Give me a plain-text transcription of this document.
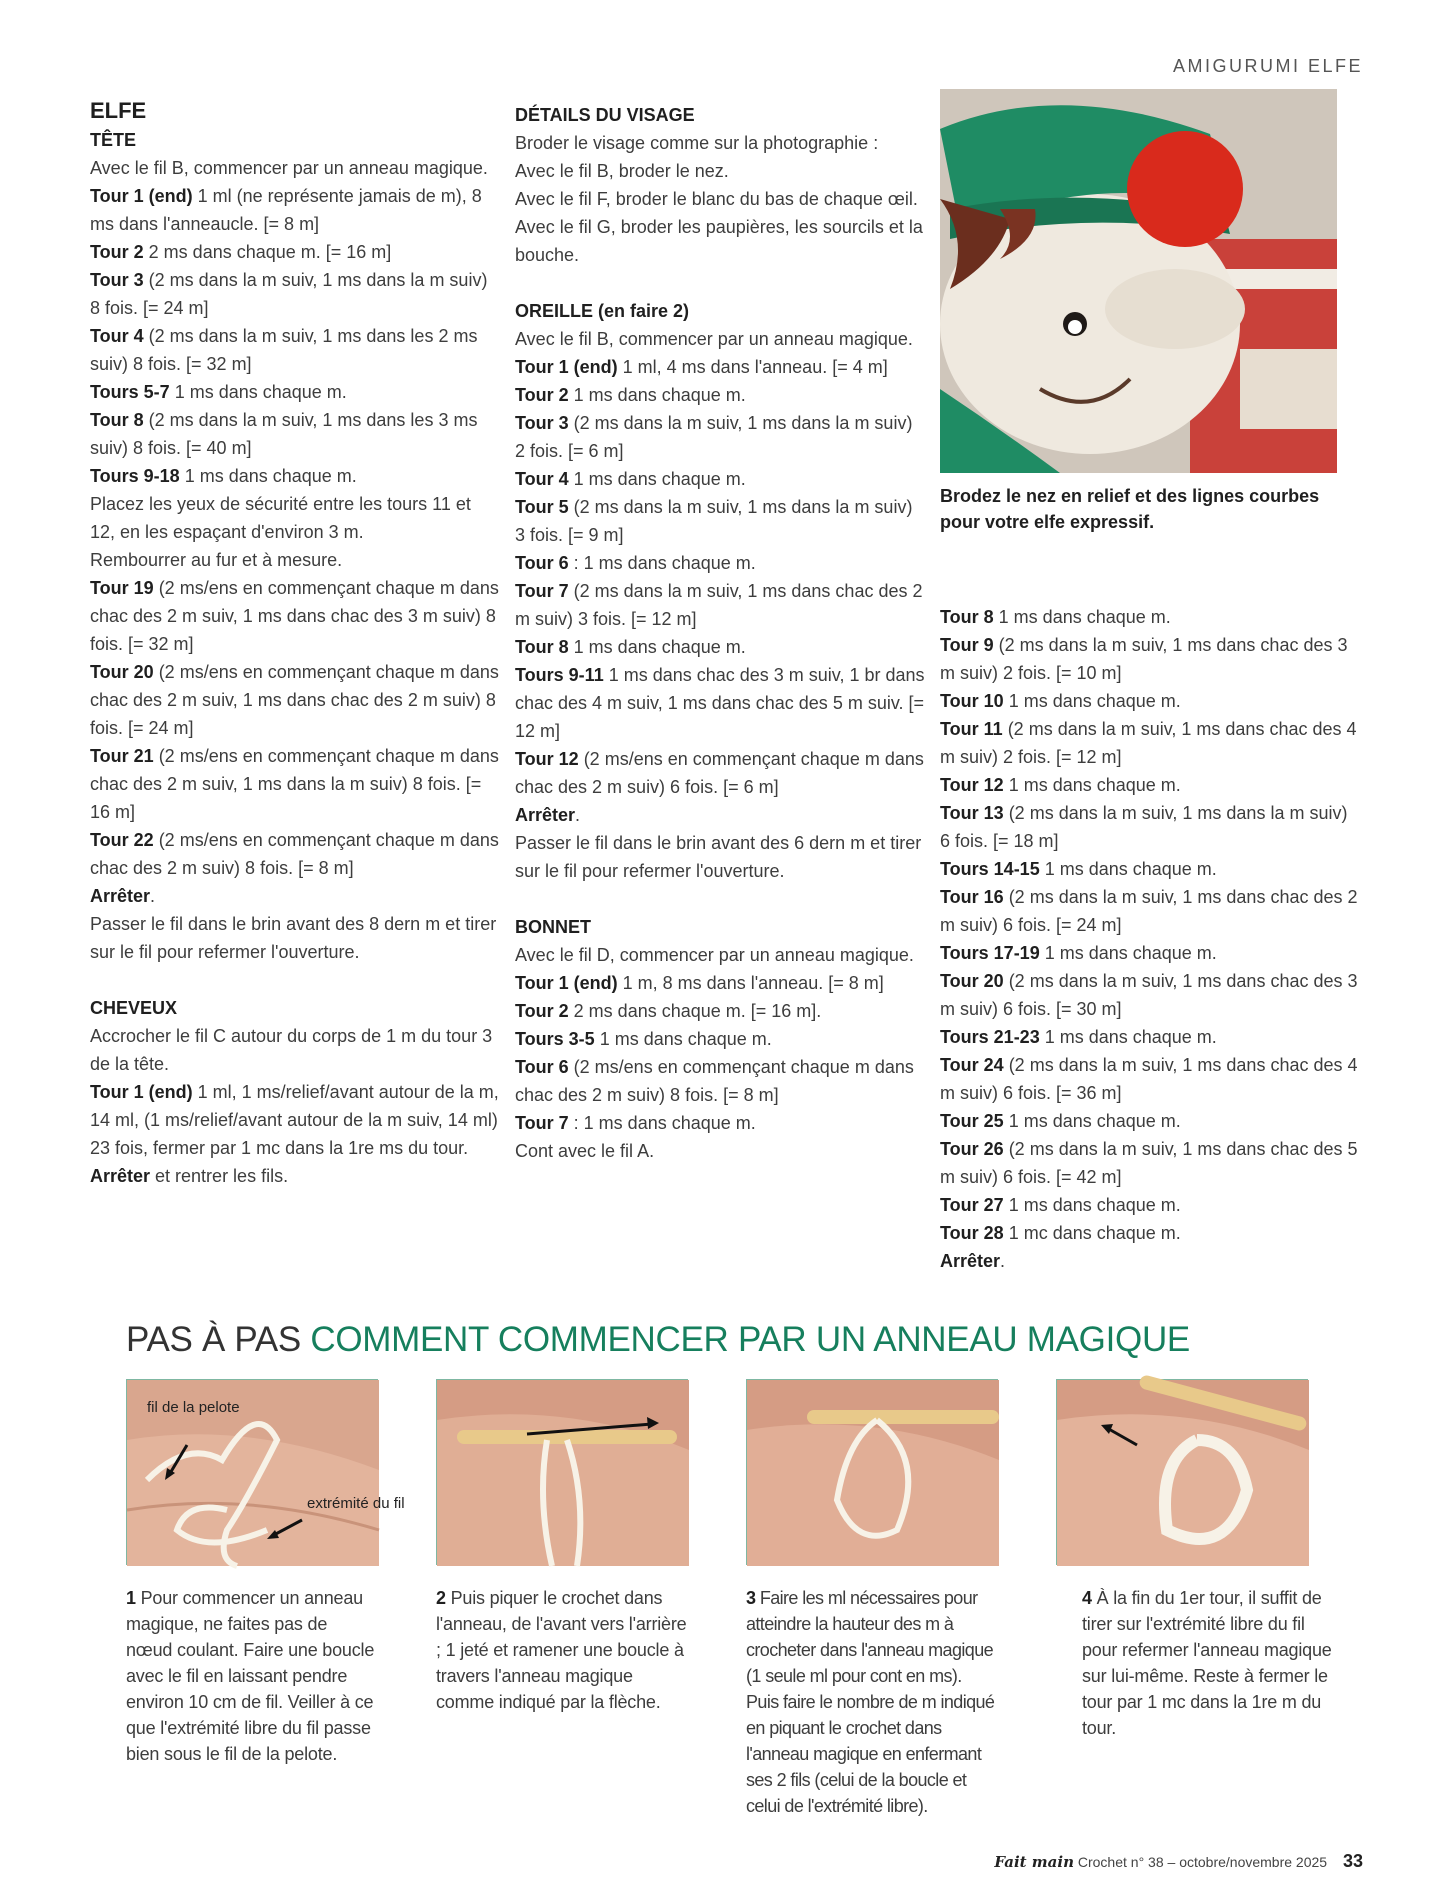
AMIGURUMI ELFE
ELFE
TÊTE
Avec le fil B, commencer par un anneau magique.
Tour 1 (end) 1 ml (ne représente jamais de m), 8 ms dans l'anneaucle. [= 8 m]
Tour 2 2 ms dans chaque m. [= 16 m]
Tour 3 (2 ms dans la m suiv, 1 ms dans la m suiv) 8 fois. [= 24 m]
Tour 4 (2 ms dans la m suiv, 1 ms dans les 2 ms suiv) 8 fois. [= 32 m]
Tours 5-7 1 ms dans chaque m.
Tour 8 (2 ms dans la m suiv, 1 ms dans les 3 ms suiv) 8 fois. [= 40 m]
Tours 9-18 1 ms dans chaque m.
Placez les yeux de sécurité entre les tours 11 et 12, en les espaçant d'environ 3 m.
Rembourrer au fur et à mesure.
Tour 19 (2 ms/ens en commençant chaque m dans chac des 2 m suiv, 1 ms dans chac des 3 m suiv) 8 fois. [= 32 m]
Tour 20 (2 ms/ens en commençant chaque m dans chac des 2 m suiv, 1 ms dans chac des 2 m suiv) 8 fois. [= 24 m]
Tour 21 (2 ms/ens en commençant chaque m dans chac des 2 m suiv, 1 ms dans la m suiv) 8 fois. [= 16 m]
Tour 22 (2 ms/ens en commençant chaque m dans chac des 2 m suiv) 8 fois. [= 8 m]
Arrêter.
Passer le fil dans le brin avant des 8 dern m et tirer sur le fil pour refermer l'ouverture.
CHEVEUX
Accrocher le fil C autour du corps de 1 m du tour 3 de la tête.
Tour 1 (end) 1 ml, 1 ms/relief/avant autour de la m, 14 ml, (1 ms/relief/avant autour de la m suiv, 14 ml) 23 fois, fermer par 1 mc dans la 1re ms du tour.
Arrêter et rentrer les fils.
DÉTAILS DU VISAGE
Broder le visage comme sur la photographie :
Avec le fil B, broder le nez.
Avec le fil F, broder le blanc du bas de chaque œil.
Avec le fil G, broder les paupières, les sourcils et la bouche.
OREILLE (en faire 2)
Avec le fil B, commencer par un anneau magique.
Tour 1 (end) 1 ml, 4 ms dans l'anneau. [= 4 m]
Tour 2 1 ms dans chaque m.
Tour 3 (2 ms dans la m suiv, 1 ms dans la m suiv) 2 fois. [= 6 m]
Tour 4 1 ms dans chaque m.
Tour 5 (2 ms dans la m suiv, 1 ms dans la m suiv) 3 fois. [= 9 m]
Tour 6 : 1 ms dans chaque m.
Tour 7 (2 ms dans la m suiv, 1 ms dans chac des 2 m suiv) 3 fois. [= 12 m]
Tour 8 1 ms dans chaque m.
Tours 9-11 1 ms dans chac des 3 m suiv, 1 br dans chac des 4 m suiv, 1 ms dans chac des 5 m suiv. [= 12 m]
Tour 12 (2 ms/ens en commençant chaque m dans chac des 2 m suiv) 6 fois. [= 6 m]
Arrêter.
Passer le fil dans le brin avant des 6 dern m et tirer sur le fil pour refermer l'ouverture.
BONNET
Avec le fil D, commencer par un anneau magique.
Tour 1 (end) 1 m, 8 ms dans l'anneau. [= 8 m]
Tour 2 2 ms dans chaque m. [= 16 m].
Tours 3-5 1 ms dans chaque m.
Tour 6 (2 ms/ens en commençant chaque m dans chac des 2 m suiv) 8 fois. [= 8 m]
Tour 7 : 1 ms dans chaque m.
Cont avec le fil A.
Brodez le nez en relief et des lignes courbes pour votre elfe expressif.
Tour 8 1 ms dans chaque m.
Tour 9 (2 ms dans la m suiv, 1 ms dans chac des 3 m suiv) 2 fois. [= 10 m]
Tour 10 1 ms dans chaque m.
Tour 11 (2 ms dans la m suiv, 1 ms dans chac des 4 m suiv) 2 fois. [= 12 m]
Tour 12 1 ms dans chaque m.
Tour 13 (2 ms dans la m suiv, 1 ms dans la m suiv) 6 fois. [= 18 m]
Tours 14-15 1 ms dans chaque m.
Tour 16 (2 ms dans la m suiv, 1 ms dans chac des 2 m suiv) 6 fois. [= 24 m]
Tours 17-19 1 ms dans chaque m.
Tour 20 (2 ms dans la m suiv, 1 ms dans chac des 3 m suiv) 6 fois. [= 30 m]
Tours 21-23 1 ms dans chaque m.
Tour 24 (2 ms dans la m suiv, 1 ms dans chac des 4 m suiv) 6 fois. [= 36 m]
Tour 25 1 ms dans chaque m.
Tour 26 (2 ms dans la m suiv, 1 ms dans chac des 5 m suiv) 6 fois. [= 42 m]
Tour 27 1 ms dans chaque m.
Tour 28 1 mc dans chaque m.
Arrêter.
PAS À PAS COMMENT COMMENCER PAR UN ANNEAU MAGIQUE
fil de la pelote
extrémité du fil
1 Pour commencer un anneau magique, ne faites pas de nœud coulant. Faire une boucle avec le fil en laissant pendre environ 10 cm de fil. Veiller à ce que l'extrémité libre du fil passe bien sous le fil de la pelote.
2 Puis piquer le crochet dans l'anneau, de l'avant vers l'arrière ; 1 jeté et ramener une boucle à travers l'anneau magique comme indiqué par la flèche.
3 Faire les ml nécessaires pour atteindre la hauteur des m à crocheter dans l'anneau magique (1 seule ml pour cont en ms). Puis faire le nombre de m indiqué en piquant le crochet dans l'anneau magique en enfermant ses 2 fils (celui de la boucle et celui de l'extrémité libre).
4 À la fin du 1er tour, il suffit de tirer sur l'extrémité libre du fil pour refermer l'anneau magique sur lui-même. Reste à fermer le tour par 1 mc dans la 1re m du tour.
Fait main Crochet n° 38 – octobre/novembre 2025 33
